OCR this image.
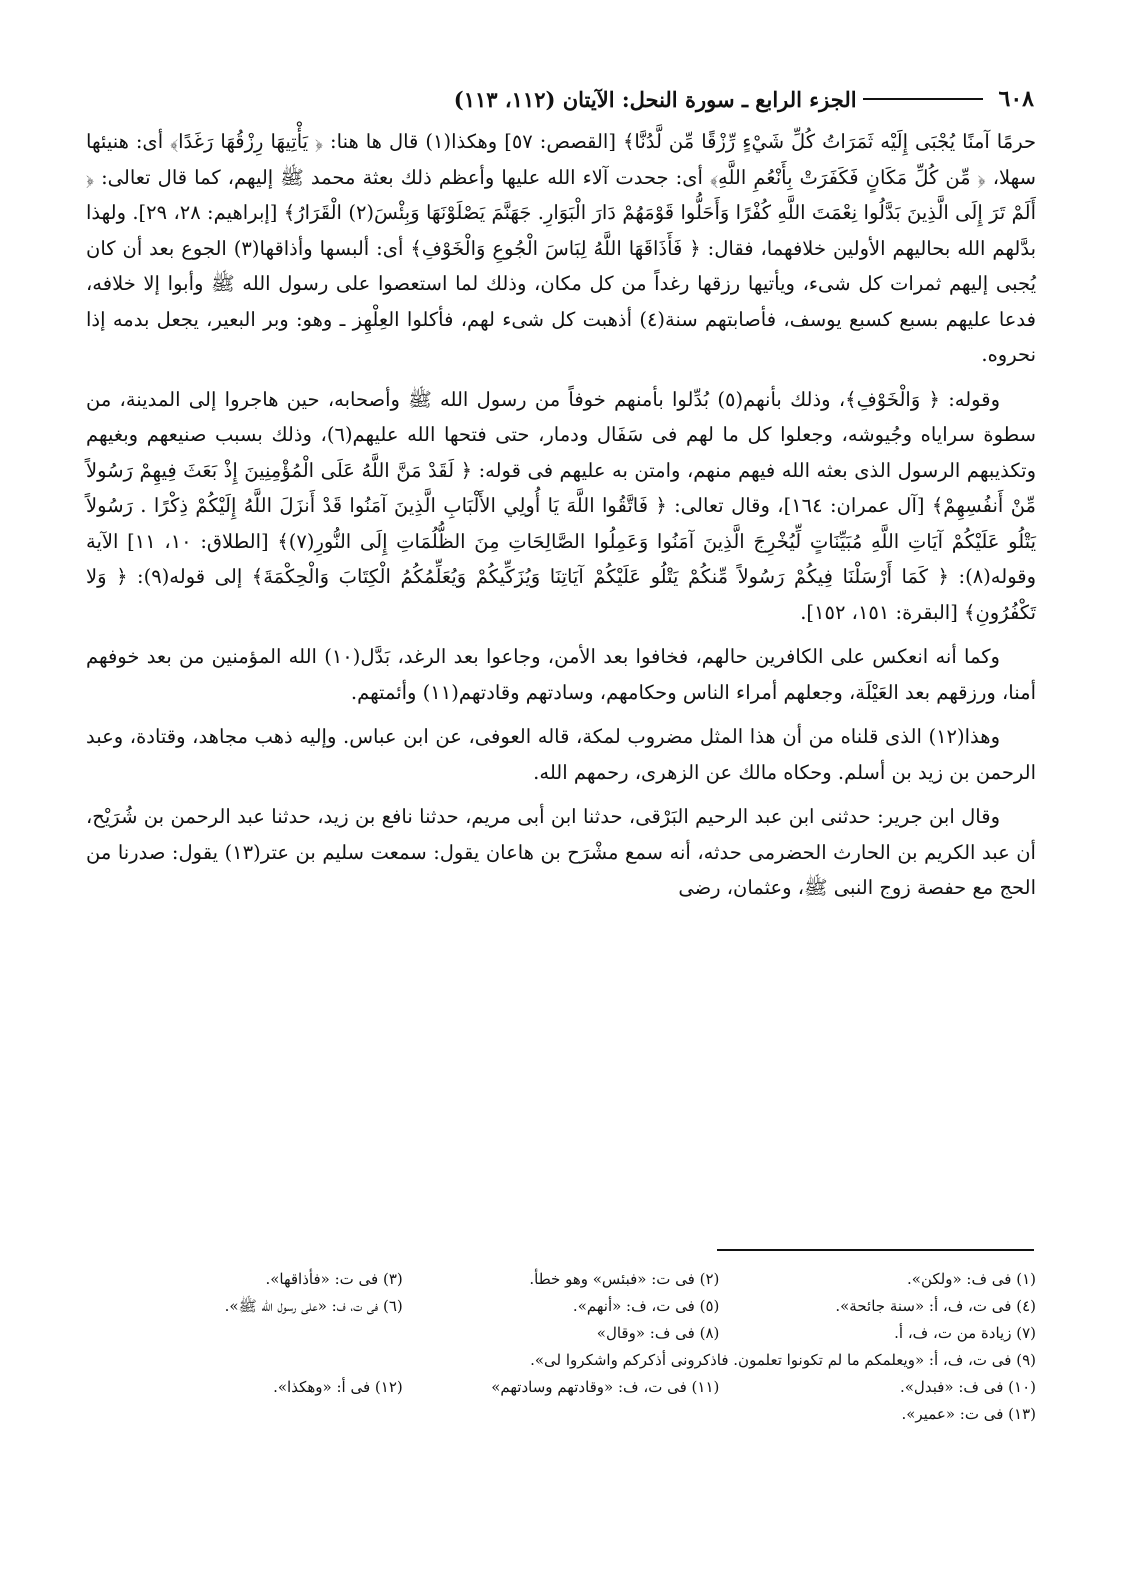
٦٠٨
الجزء الرابع ـ سورة النحل: الآيتان (١١٢، ١١٣)

حرمًا آمنًا يُجْبَى إِلَيْه ثَمَرَاتُ كُلِّ شَيْءٍ رِّزْقًا مِّن لَّدُنَّا﴾ [القصص: ٥٧] وهكذا(١) قال ها هنا: ﴿ يَأْتِيهَا رِزْقُهَا رَغَدًا﴾ أى: هنيئها سهلا، ﴿ مِّن كُلِّ مَكَانٍ فَكَفَرَتْ بِأَنْعُمِ اللَّهِ﴾ أى: جحدت آلاء الله عليها وأعظم ذلك بعثة محمد ﷺ إليهم، كما قال تعالى: ﴿ أَلَمْ تَرَ إِلَى الَّذِينَ بَدَّلُوا نِعْمَتَ اللَّهِ كُفْرًا وَأَحَلُّوا قَوْمَهُمْ دَارَ الْبَوَارِ. جَهَنَّمَ يَصْلَوْنَهَا وَبِئْسَ(٢) الْقَرَارُ﴾ [إبراهيم: ٢٨، ٢٩]. ولهذا بدَّلهم الله بحاليهم الأولين خلافهما، فقال: ﴿ فَأَذَاقَهَا اللَّهُ لِبَاسَ الْجُوعِ وَالْخَوْفِ﴾ أى: ألبسها وأذاقها(٣) الجوع بعد أن كان يُجبى إليهم ثمرات كل شىء، ويأتيها رزقها رغداً من كل مكان، وذلك لما استعصوا على رسول الله ﷺ وأبوا إلا خلافه، فدعا عليهم بسبع كسبع يوسف، فأصابتهم سنة(٤) أذهبت كل شىء لهم، فأكلوا العِلْهِز ـ وهو: وبر البعير، يجعل بدمه إذا نحروه.

وقوله: ﴿ وَالْخَوْفِ﴾، وذلك بأنهم(٥) بُدِّلوا بأمنهم خوفاً من رسول الله ﷺ وأصحابه، حين هاجروا إلى المدينة، من سطوة سراياه وجُيوشه، وجعلوا كل ما لهم فى سَفَال ودمار، حتى فتحها الله عليهم(٦)، وذلك بسبب صنيعهم وبغيهم وتكذيبهم الرسول الذى بعثه الله فيهم منهم، وامتن به عليهم فى قوله: ﴿ لَقَدْ مَنَّ اللَّهُ عَلَى الْمُؤْمِنِينَ إِذْ بَعَثَ فِيهِمْ رَسُولاً مِّنْ أَنفُسِهِمْ﴾ [آل عمران: ١٦٤]، وقال تعالى: ﴿ فَاتَّقُوا اللَّهَ يَا أُولِي الأَلْبَابِ الَّذِينَ آمَنُوا قَدْ أَنزَلَ اللَّهُ إِلَيْكُمْ ذِكْرًا . رَسُولاً يَتْلُو عَلَيْكُمْ آيَاتِ اللَّهِ مُبَيِّنَاتٍ لِّيُخْرِجَ الَّذِينَ آمَنُوا وَعَمِلُوا الصَّالِحَاتِ مِنَ الظُّلُمَاتِ إِلَى النُّورِ(٧)﴾ [الطلاق: ١٠، ١١] الآية وقوله(٨): ﴿ كَمَا أَرْسَلْنَا فِيكُمْ رَسُولاً مِّنكُمْ يَتْلُو عَلَيْكُمْ آيَاتِنَا وَيُزَكِّيكُمْ وَيُعَلِّمُكُمُ الْكِتَابَ وَالْحِكْمَةَ﴾ إلى قوله(٩): ﴿ وَلا تَكْفُرُونِ﴾ [البقرة: ١٥١، ١٥٢].

وكما أنه انعكس على الكافرين حالهم، فخافوا بعد الأمن، وجاعوا بعد الرغد، بَدَّل(١٠) الله المؤمنين من بعد خوفهم أمنا، ورزقهم بعد العَيْلَة، وجعلهم أمراء الناس وحكامهم، وسادتهم وقادتهم(١١) وأئمتهم.

وهذا(١٢) الذى قلناه من أن هذا المثل مضروب لمكة، قاله العوفى، عن ابن عباس. وإليه ذهب مجاهد، وقتادة، وعبد الرحمن بن زيد بن أسلم. وحكاه مالك عن الزهرى، رحمهم الله.

وقال ابن جرير: حدثنى ابن عبد الرحيم البَرْقى، حدثنا ابن أبى مريم، حدثنا نافع بن زيد، حدثنا عبد الرحمن بن شُرَيْح، أن عبد الكريم بن الحارث الحضرمى حدثه، أنه سمع مشْرَح بن هاعان يقول: سمعت سليم بن عتر(١٣) يقول: صدرنا من الحج مع حفصة زوج النبى ﷺ، وعثمان، رضى

(١) فى ف: «ولكن».
(٢) فى ت: «فبئس» وهو خطأ.
(٣) فى ت: «فأذاقها».
(٤) فى ت، ف، أ: «سنة جائحة».
(٥) فى ت، ف: «أنهم».
(٦) فى ت، ف: «على رسول الله ﷺ».
(٧) زيادة من ت، ف، أ.
(٨) فى ف: «وقال»
(٩) فى ت، ف، أ: «ويعلمكم ما لم تكونوا تعلمون. فاذكرونى أذكركم واشكروا لى».
(١٠) فى ف: «فبدل».
(١١) فى ت، ف: «وقادتهم وسادتهم»
(١٢) فى أ: «وهكذا».
(١٣) فى ت: «عمير».
